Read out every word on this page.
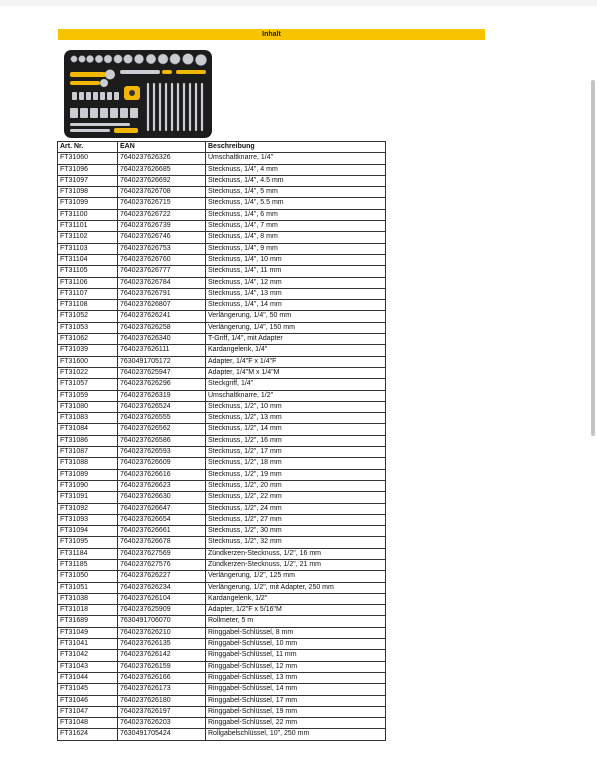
Inhalt
Art. Nr.	EAN	Beschreibung
FT31060	7640237626326	Umschaltknarre, 1/4"
FT31096	7640237626685	Stecknuss, 1/4", 4 mm
FT31097	7640237626692	Stecknuss, 1/4", 4.5 mm
FT31098	7640237626708	Stecknuss, 1/4", 5 mm
FT31099	7640237626715	Stecknuss, 1/4", 5.5 mm
FT31100	7640237626722	Stecknuss, 1/4", 6 mm
FT31101	7640237626739	Stecknuss, 1/4", 7 mm
FT31102	7640237626746	Stecknuss, 1/4", 8 mm
FT31103	7640237626753	Stecknuss, 1/4", 9 mm
FT31104	7640237626760	Stecknuss, 1/4", 10 mm
FT31105	7640237626777	Stecknuss, 1/4", 11 mm
FT31106	7640237626784	Stecknuss, 1/4", 12 mm
FT31107	7640237626791	Stecknuss, 1/4", 13 mm
FT31108	7640237626807	Stecknuss, 1/4", 14 mm
FT31052	7640237626241	Verlängerung, 1/4", 50 mm
FT31053	7640237626258	Verlängerung, 1/4", 150 mm
FT31062	7640237626340	T-Griff, 1/4", mit Adapter
FT31039	7640237626111	Kardangelenk, 1/4"
FT31600	7630491705172	Adapter, 1/4"F x 1/4"F
FT31022	7640237625947	Adapter, 1/4"M x 1/4"M
FT31057	7640237626296	Steckgriff, 1/4"
FT31059	7640237626319	Umschaltknarre, 1/2"
FT31080	7640237626524	Stecknuss, 1/2", 10 mm
FT31083	7640237626555	Stecknuss, 1/2", 13 mm
FT31084	7640237626562	Stecknuss, 1/2", 14 mm
FT31086	7640237626586	Stecknuss, 1/2", 16 mm
FT31087	7640237626593	Stecknuss, 1/2", 17 mm
FT31088	7640237626609	Stecknuss, 1/2", 18 mm
FT31089	7640237626616	Stecknuss, 1/2", 19 mm
FT31090	7640237626623	Stecknuss, 1/2", 20 mm
FT31091	7640237626630	Stecknuss, 1/2", 22 mm
FT31092	7640237626647	Stecknuss, 1/2", 24 mm
FT31093	7640237626654	Stecknuss, 1/2", 27 mm
FT31094	7640237626661	Stecknuss, 1/2", 30 mm
FT31095	7640237626678	Stecknuss, 1/2", 32 mm
FT31184	7640237627569	Zündkerzen-Stecknuss, 1/2", 16 mm
FT31185	7640237627576	Zündkerzen-Stecknuss, 1/2", 21 mm
FT31050	7640237626227	Verlängerung, 1/2", 125 mm
FT31051	7640237626234	Verlängerung, 1/2", mit Adapter, 250 mm
FT31038	7640237626104	Kardangelenk, 1/2"
FT31018	7640237625909	Adapter, 1/2"F x 5/16"M
FT31689	7630491706070	Rollmeter, 5 m
FT31049	7640237626210	Ringgabel-Schlüssel, 8 mm
FT31041	7640237626135	Ringgabel-Schlüssel, 10 mm
FT31042	7640237626142	Ringgabel-Schlüssel, 11 mm
FT31043	7640237626159	Ringgabel-Schlüssel, 12 mm
FT31044	7640237626166	Ringgabel-Schlüssel, 13 mm
FT31045	7640237626173	Ringgabel-Schlüssel, 14 mm
FT31046	7640237626180	Ringgabel-Schlüssel, 17 mm
FT31047	7640237626197	Ringgabel-Schlüssel, 19 mm
FT31048	7640237626203	Ringgabel-Schlüssel, 22 mm
FT31624	7630491705424	Rollgabelschlüssel, 10", 250 mm
